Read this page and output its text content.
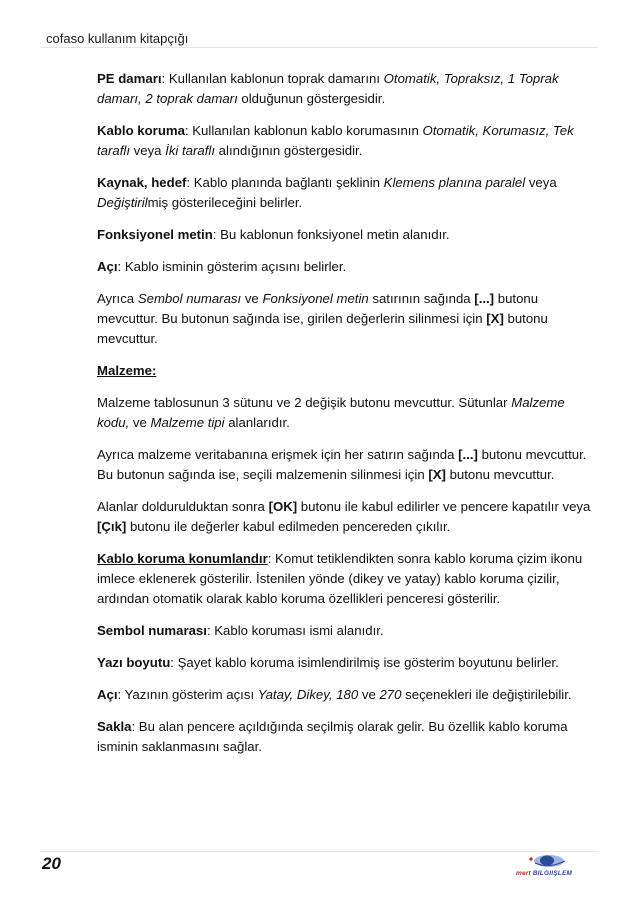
cofaso kullanım kitapçığı

PE damarı: Kullanılan kablonun toprak damarını Otomatik, Topraksız, 1 Toprak damarı, 2 toprak damarı olduğunun göstergesidir.

Kablo koruma: Kullanılan kablonun kablo korumasının Otomatik, Korumasız, Tek taraflı veya İki taraflı alındığının göstergesidir.

Kaynak, hedef: Kablo planında bağlantı şeklinin Klemens planına paralel veya Değiştirilmiş gösterileceğini belirler.

Fonksiyonel metin: Bu kablonun fonksiyonel metin alanıdır.

Açı: Kablo isminin gösterim açısını belirler.

Ayrıca Sembol numarası ve Fonksiyonel metin satırının sağında [...] butonu mevcuttur. Bu butonun sağında ise, girilen değerlerin silinmesi için [X] butonu mevcuttur.

Malzeme:

Malzeme tablosunun 3 sütunu ve 2 değişik butonu mevcuttur. Sütunlar Malzeme kodu, ve Malzeme tipi alanlarıdır.

Ayrıca malzeme veritabanına erişmek için her satırın sağında [...] butonu mevcuttur. Bu butonun sağında ise, seçili malzemenin silinmesi için [X] butonu mevcuttur.

Alanlar doldurulduktan sonra [OK] butonu ile kabul edilirler ve pencere kapatılır veya [Çık] butonu ile değerler kabul edilmeden pencereden çıkılır.

Kablo koruma konumlandır: Komut tetiklendikten sonra kablo koruma çizim ikonu imlece eklenerek gösterilir. İstenilen yönde (dikey ve yatay) kablo koruma çizilir, ardından otomatik olarak kablo koruma özellikleri penceresi gösterilir.

Sembol numarası: Kablo koruması ismi alanıdır.

Yazı boyutu: Şayet kablo koruma isimlendirilmiş ise gösterim boyutunu belirler.

Açı: Yazının gösterim açısı Yatay, Dikey, 180 ve 270 seçenekleri ile değiştirilebilir.

Sakla: Bu alan pencere açıldığında seçilmiş olarak gelir. Bu özellik kablo koruma isminin saklanmasını sağlar.

20
mert BILGIIŞLEM
